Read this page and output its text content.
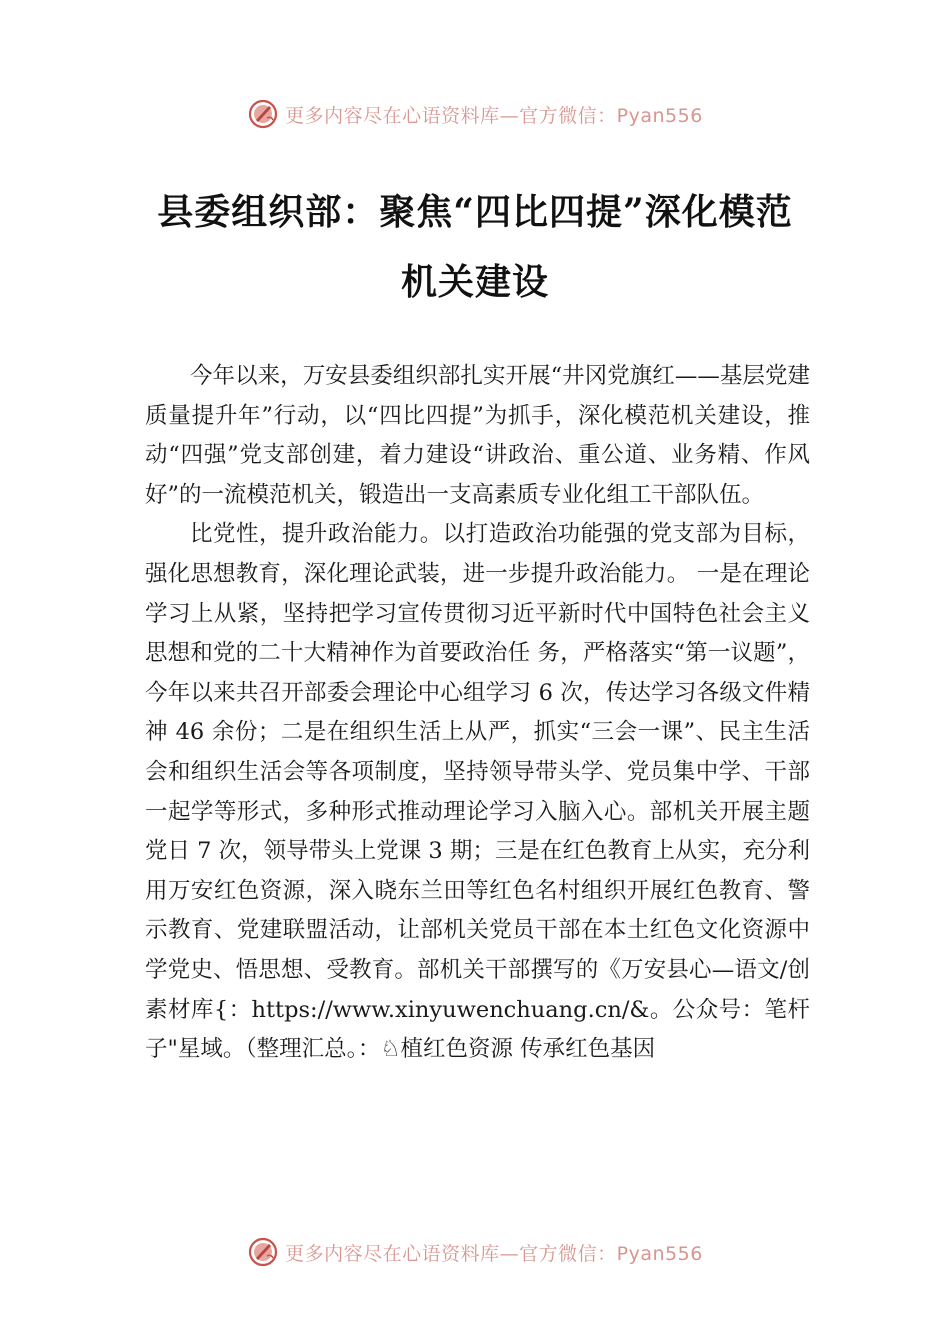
更多内容尽在心语资料库—官方微信：Pyan556
县委组织部：聚焦“四比四提”深化模范
机关建设

今年以来，万安县委组织部扎实开展“井冈党旗红——基层党建质量提升年”行动，以“四比四提”为抓手，深化模范机关建设，推动“四强”党支部创建，着力建设“讲政治、重公道、业务精、作风好”的一流模范机关，锻造出一支高素质专业化组工干部队伍。

比党性，提升政治能力。以打造政治功能强的党支部为目标，强化思想教育，深化理论武装，进一步提升政治能力。 一是在理论学习上从紧，坚持把学习宣传贯彻习近平新时代中国特色社会主义思想和党的二十大精神作为首要政治任 务，严格落实“第一议题”，今年以来共召开部委会理论中心组学习 6 次，传达学习各级文件精神 46 余份；二是在组织生活上从严，抓实“三会一课”、民主生活会和组织生活会等各项制度，坚持领导带头学、党员集中学、干部一起学等形式，多种形式推动理论学习入脑入心。部机关开展主题党日 7 次，领导带头上党课 3 期；三是在红色教育上从实，充分利用万安红色资源，深入晓东兰田等红色名村组织开展红色教育、警示教育、党建联盟活动，让部机关党员干部在本土红色文化资源中学党史、悟思想、受教育。部机关干部撰写的《万安县心—语文/创素材库{：https://www.xinyuwenchuang.cn/&。公众号：笔杆子"星域。（整理汇总。：♘植红色资源 传承红色基因

更多内容尽在心语资料库—官方微信：Pyan556
